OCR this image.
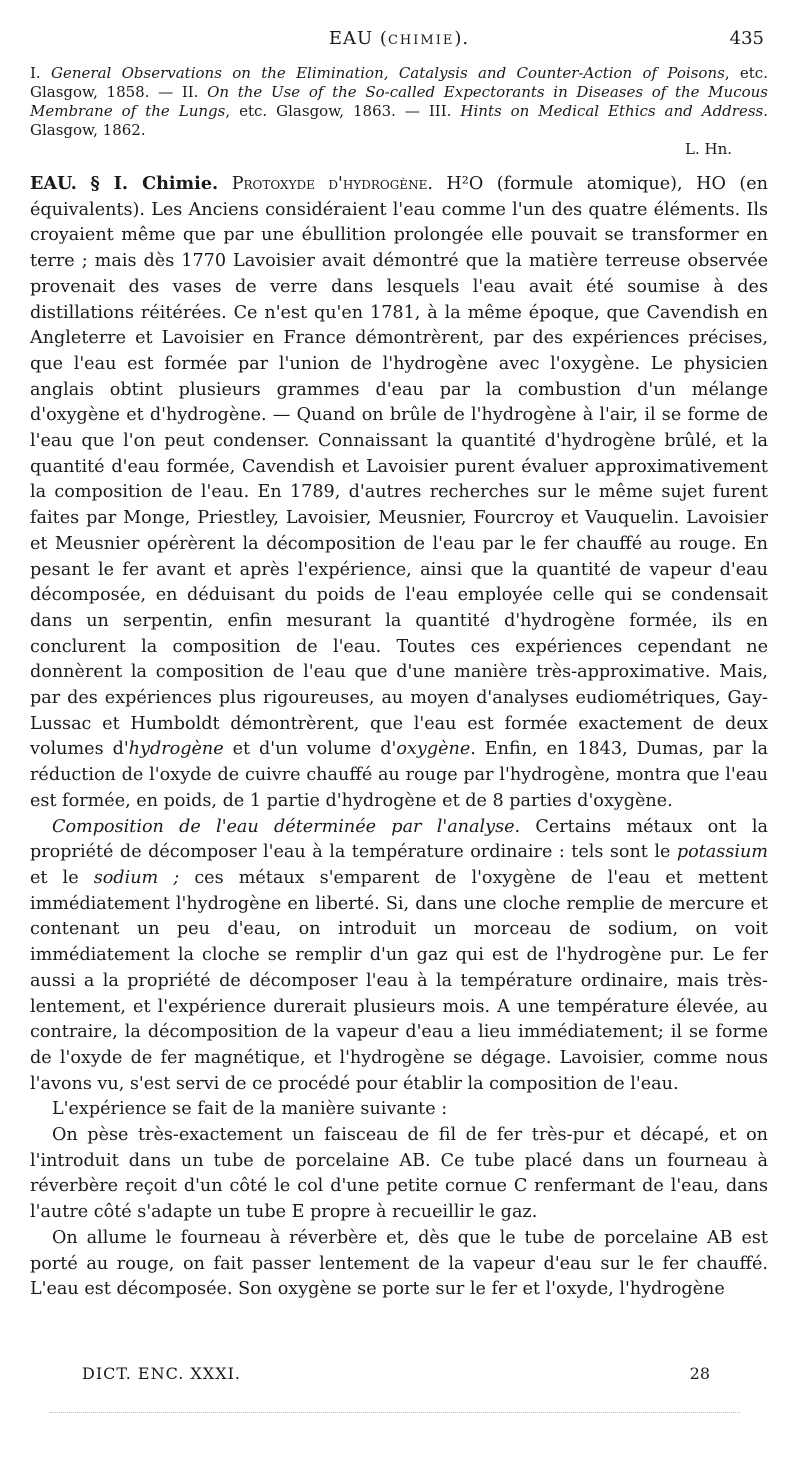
EAU (CHIMIE).	435
I. General Observations on the Elimination, Catalysis and Counter-Action of Poisons, etc. Glasgow, 1858. — II. On the Use of the So-called Expectorants in Diseases of the Mucous Membrane of the Lungs, etc. Glasgow, 1863. — III. Hints on Medical Ethics and Address. Glasgow, 1862.
L. Hn.

EAU. § I. Chimie. Protoxyde d'hydrogène. H²O (formule atomique), HO (en équivalents). Les Anciens considéraient l'eau comme l'un des quatre éléments. Ils croyaient même que par une ébullition prolongée elle pouvait se transformer en terre ; mais dès 1770 Lavoisier avait démontré que la matière terreuse observée provenait des vases de verre dans lesquels l'eau avait été soumise à des distillations réitérées. Ce n'est qu'en 1781, à la même époque, que Cavendish en Angleterre et Lavoisier en France démontrèrent, par des expériences précises, que l'eau est formée par l'union de l'hydrogène avec l'oxygène. Le physicien anglais obtint plusieurs grammes d'eau par la combustion d'un mélange d'oxygène et d'hydrogène. — Quand on brûle de l'hydrogène à l'air, il se forme de l'eau que l'on peut condenser. Connaissant la quantité d'hydrogène brûlé, et la quantité d'eau formée, Cavendish et Lavoisier purent évaluer approximativement la composition de l'eau. En 1789, d'autres recherches sur le même sujet furent faites par Monge, Priestley, Lavoisier, Meusnier, Fourcroy et Vauquelin. Lavoisier et Meusnier opérèrent la décomposition de l'eau par le fer chauffé au rouge. En pesant le fer avant et après l'expérience, ainsi que la quantité de vapeur d'eau décomposée, en déduisant du poids de l'eau employée celle qui se condensait dans un serpentin, enfin mesurant la quantité d'hydrogène formée, ils en conclurent la composition de l'eau. Toutes ces expériences cependant ne donnèrent la composition de l'eau que d'une manière très-approximative. Mais, par des expériences plus rigoureuses, au moyen d'analyses eudiométriques, Gay-Lussac et Humboldt démontrèrent, que l'eau est formée exactement de deux volumes d'hydrogène et d'un volume d'oxygène. Enfin, en 1843, Dumas, par la réduction de l'oxyde de cuivre chauffé au rouge par l'hydrogène, montra que l'eau est formée, en poids, de 1 partie d'hydrogène et de 8 parties d'oxygène.

Composition de l'eau déterminée par l'analyse. Certains métaux ont la propriété de décomposer l'eau à la température ordinaire : tels sont le potassium et le sodium ; ces métaux s'emparent de l'oxygène de l'eau et mettent immédiatement l'hydrogène en liberté. Si, dans une cloche remplie de mercure et contenant un peu d'eau, on introduit un morceau de sodium, on voit immédiatement la cloche se remplir d'un gaz qui est de l'hydrogène pur. Le fer aussi a la propriété de décomposer l'eau à la température ordinaire, mais très-lentement, et l'expérience durerait plusieurs mois. A une température élevée, au contraire, la décomposition de la vapeur d'eau a lieu immédiatement; il se forme de l'oxyde de fer magnétique, et l'hydrogène se dégage. Lavoisier, comme nous l'avons vu, s'est servi de ce procédé pour établir la composition de l'eau.

L'expérience se fait de la manière suivante :

On pèse très-exactement un faisceau de fil de fer très-pur et décapé, et on l'introduit dans un tube de porcelaine AB. Ce tube placé dans un fourneau à réverbère reçoit d'un côté le col d'une petite cornue C renfermant de l'eau, dans l'autre côté s'adapte un tube E propre à recueillir le gaz.

On allume le fourneau à réverbère et, dès que le tube de porcelaine AB est porté au rouge, on fait passer lentement de la vapeur d'eau sur le fer chauffé. L'eau est décomposée. Son oxygène se porte sur le fer et l'oxyde, l'hydrogène

DICT. ENC. XXXI.	28
